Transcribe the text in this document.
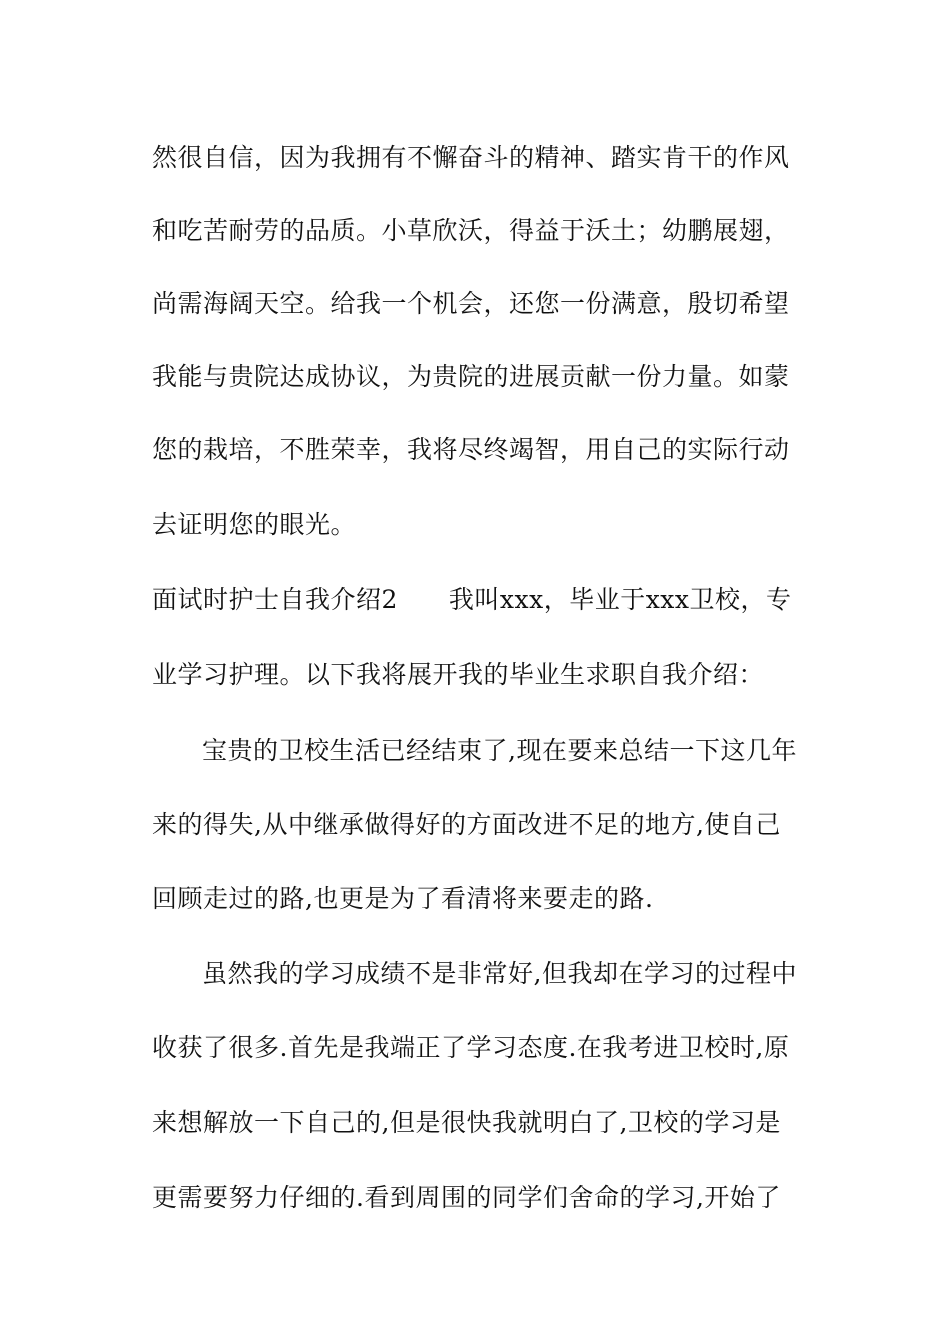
然很自信，因为我拥有不懈奋斗的精神、踏实肯干的作风
和吃苦耐劳的品质。小草欣沃，得益于沃土；幼鹏展翅，
尚需海阔天空。给我一个机会，还您一份满意，殷切希望
我能与贵院达成协议，为贵院的进展贡献一份力量。如蒙
您的栽培，不胜荣幸，我将尽终竭智，用自己的实际行动
去证明您的眼光。
面试时护士自我介绍2　　我叫xxx，毕业于xxx卫校，专
业学习护理。以下我将展开我的毕业生求职自我介绍：
宝贵的卫校生活已经结束了,现在要来总结一下这几年
来的得失,从中继承做得好的方面改进不足的地方,使自己
回顾走过的路,也更是为了看清将来要走的路.
虽然我的学习成绩不是非常好,但我却在学习的过程中
收获了很多.首先是我端正了学习态度.在我考进卫校时,原
来想解放一下自己的,但是很快我就明白了,卫校的学习是
更需要努力仔细的.看到周围的同学们舍命的学习,开始了
